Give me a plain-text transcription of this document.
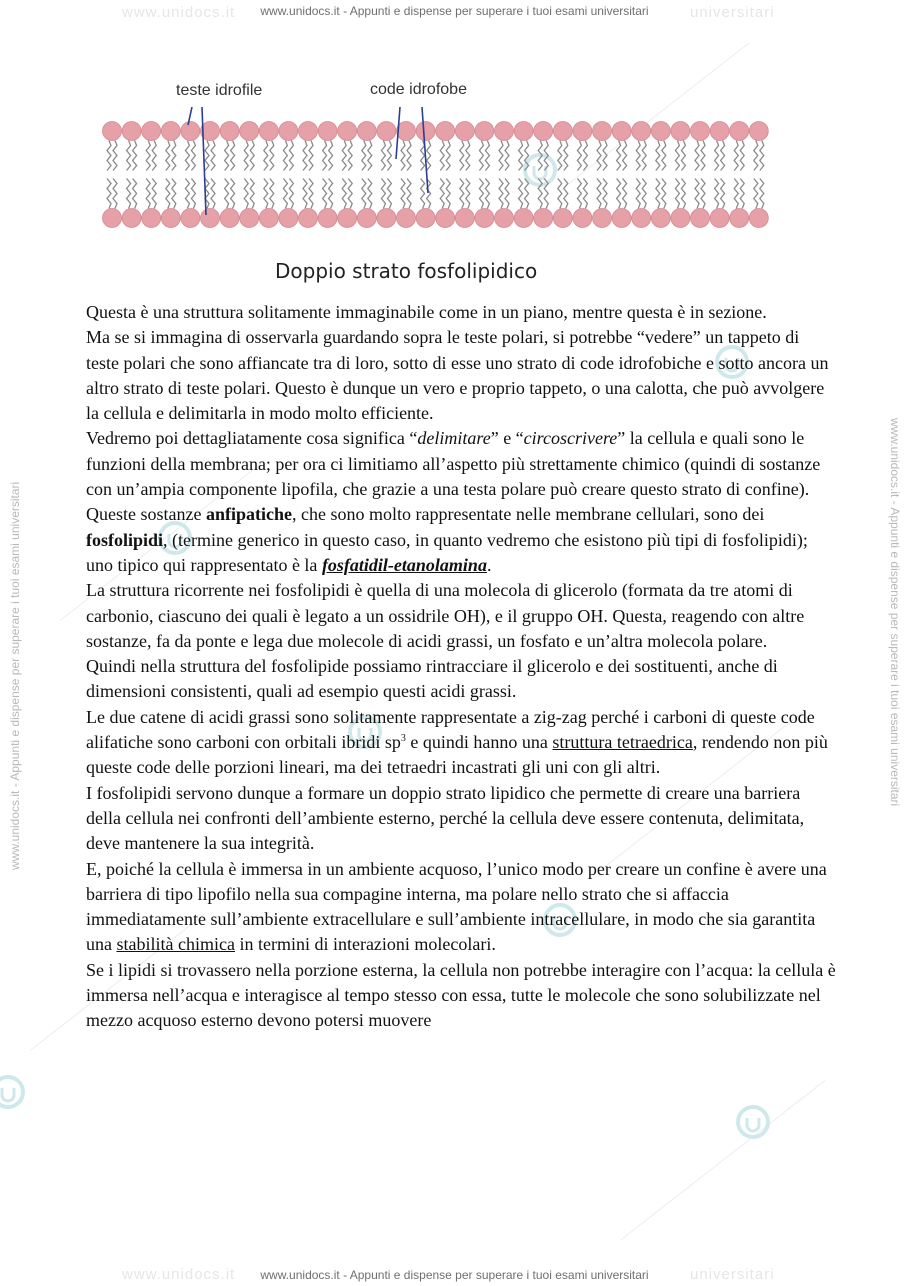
www.unidocs.it	universitari
www.unidocs.it	universitari
www.unidocs.it - Appunti e dispense per superare i tuoi esami universitari
www.unidocs.it - Appunti e dispense per superare i tuoi esami universitari
www.unidocs.it - Appunti e dispense per superare i tuoi esami universitari	www.unidocs.it - Appunti e dispense per superare i tuoi esami universitari
teste idrofile	code idrofobe
Doppio strato fosfolipidico

Questa è una struttura solitamente immaginabile come in un piano, mentre questa è in sezione.

Ma se si immagina di osservarla guardando sopra le teste polari, si potrebbe “vedere” un tappeto di teste polari che sono affiancate tra di loro, sotto di esse uno strato di code idrofobiche e sotto ancora un altro strato di teste polari. Questo è dunque un vero e proprio tappeto, o una calotta, che può avvolgere la cellula e delimitarla in modo molto efficiente.

Vedremo poi dettagliatamente cosa significa “delimitare” e “circoscrivere” la cellula e quali sono le funzioni della membrana; per ora ci limitiamo all’aspetto più strettamente chimico (quindi di sostanze con un’ampia componente lipofila, che grazie a una testa polare può creare questo strato di confine).

Queste sostanze anfipatiche, che sono molto rappresentate nelle membrane cellulari, sono dei fosfolipidi, (termine generico in questo caso, in quanto vedremo che esistono più tipi di fosfolipidi); uno tipico qui rappresentato è la fosfatidil-etanolamina.

La struttura ricorrente nei fosfolipidi è quella di una molecola di glicerolo (formata da tre atomi di carbonio, ciascuno dei quali è legato a un ossidrile OH), e il gruppo OH. Questa, reagendo con altre sostanze, fa da ponte e lega due molecole di acidi grassi, un fosfato e un’altra molecola polare.

Quindi nella struttura del fosfolipide possiamo rintracciare il glicerolo e dei sostituenti, anche di dimensioni consistenti, quali ad esempio questi acidi grassi.

Le due catene di acidi grassi sono solitamente rappresentate a zig-zag perché i carboni di queste code alifatiche sono carboni con orbitali ibridi $sp^3$ e quindi hanno una struttura tetraedrica, rendendo non più queste code delle porzioni lineari, ma dei tetraedri incastrati gli uni con gli altri.

I fosfolipidi servono dunque a formare un doppio strato lipidico che permette di creare una barriera della cellula nei confronti dell’ambiente esterno, perché la cellula deve essere contenuta, delimitata, deve mantenere la sua integrità.

E, poiché la cellula è immersa in un ambiente acquoso, l’unico modo per creare un confine è avere una barriera di tipo lipofilo nella sua compagine interna, ma polare nello strato che si affaccia immediatamente sull’ambiente extracellulare e sull’ambiente intracellulare, in modo che sia garantita una stabilità chimica in termini di interazioni molecolari.

Se i lipidi si trovassero nella porzione esterna, la cellula non potrebbe interagire con l’acqua: la cellula è immersa nell’acqua e interagisce al tempo stesso con essa, tutte le molecole che sono solubilizzate nel mezzo acquoso esterno devono potersi muovere
